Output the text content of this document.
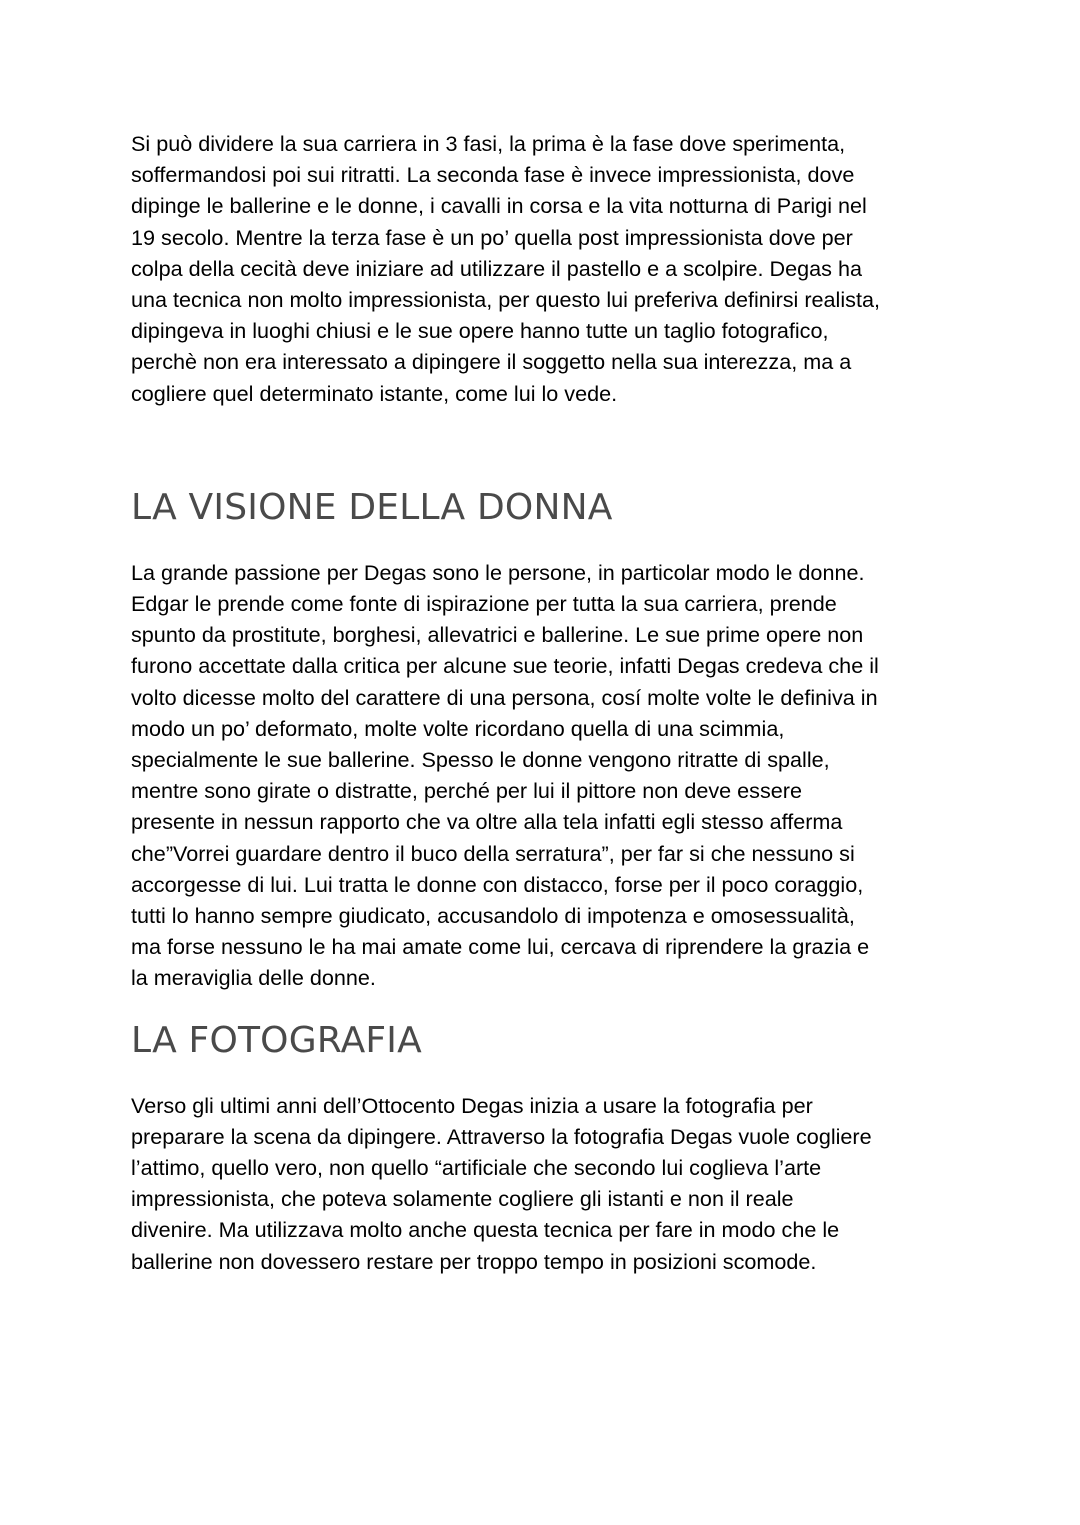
Si può dividere la sua carriera in 3 fasi, la prima è la fase dove sperimenta,
soffermandosi poi sui ritratti. La seconda fase è invece impressionista, dove
dipinge le ballerine e le donne, i cavalli in corsa e la vita notturna di Parigi nel
19 secolo. Mentre la terza fase è un po’ quella post impressionista dove per
colpa della cecità deve iniziare ad utilizzare il pastello e a scolpire. Degas ha
una tecnica non molto impressionista, per questo lui preferiva definirsi realista,
dipingeva in luoghi chiusi e le sue opere hanno tutte un taglio fotografico,
perchè non era interessato a dipingere il soggetto nella sua interezza, ma a
cogliere quel determinato istante, come lui lo vede.

LA VISIONE DELLA DONNA

La grande passione per Degas sono le persone, in particolar modo le donne.
Edgar le prende come fonte di ispirazione per tutta la sua carriera, prende
spunto da prostitute, borghesi, allevatrici e ballerine. Le sue prime opere non
furono accettate dalla critica per alcune sue teorie, infatti Degas credeva che il
volto dicesse molto del carattere di una persona, cosí molte volte le definiva in
modo un po’ deformato, molte volte ricordano quella di una scimmia,
specialmente le sue ballerine. Spesso le donne vengono ritratte di spalle,
mentre sono girate o distratte, perché per lui il pittore non deve essere
presente in nessun rapporto che va oltre alla tela infatti egli stesso afferma
che”Vorrei guardare dentro il buco della serratura”, per far si che nessuno si
accorgesse di lui. Lui tratta le donne con distacco, forse per il poco coraggio,
tutti lo hanno sempre giudicato, accusandolo di impotenza e omosessualità,
ma forse nessuno le ha mai amate come lui, cercava di riprendere la grazia e
la meraviglia delle donne.

LA FOTOGRAFIA

Verso gli ultimi anni dell’Ottocento Degas inizia a usare la fotografia per
preparare la scena da dipingere. Attraverso la fotografia Degas vuole cogliere
l’attimo, quello vero, non quello “artificiale che secondo lui coglieva l’arte
impressionista, che poteva solamente cogliere gli istanti e non il reale
divenire. Ma utilizzava molto anche questa tecnica per fare in modo che le
ballerine non dovessero restare per troppo tempo in posizioni scomode.
